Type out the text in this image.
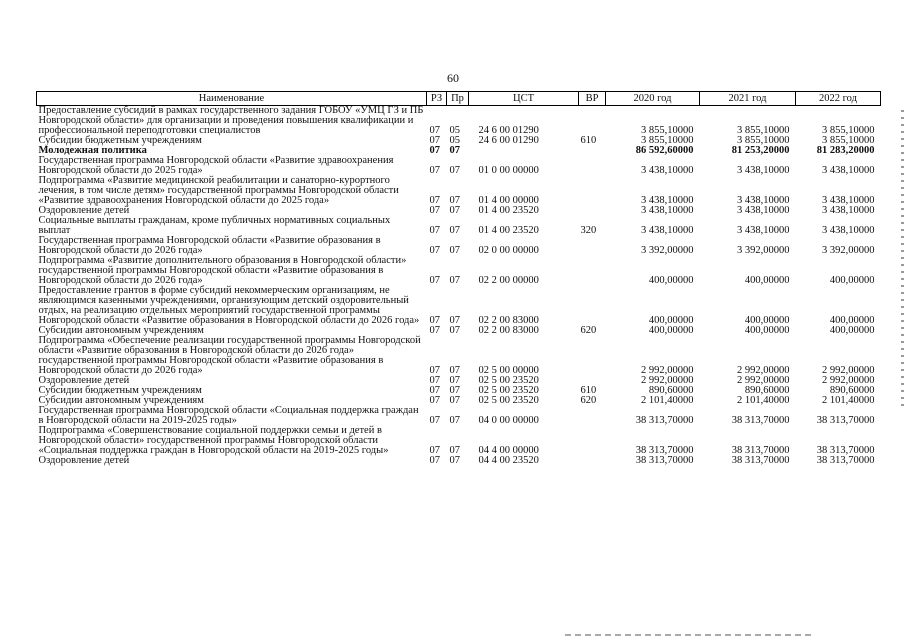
60
Наименование	РЗ	Пр	ЦСТ	ВР	2020 год	2021 год	2022 год
Предоставление субсидий в рамках государственного задания ГОБОУ «УМЦ ГЗ и ПБ Новгородской области» для организации и проведения повышения квалификации и профессиональной переподготовки специалистов	07	05	24 6 00 01290		3 855,10000	3 855,10000	3 855,10000
Субсидии бюджетным учреждениям	07	05	24 6 00 01290	610	3 855,10000	3 855,10000	3 855,10000
Молодежная политика	07	07			86 592,60000	81 253,20000	81 283,20000
Государственная программа Новгородской области «Развитие здравоохранения Новгородской области до 2025 года»	07	07	01 0 00 00000		3 438,10000	3 438,10000	3 438,10000
Подпрограмма «Развитие медицинской реабилитации и санаторно-курортного лечения, в том числе детям» государственной программы Новгородской области «Развитие здравоохранения Новгородской области до 2025 года»	07	07	01 4 00 00000		3 438,10000	3 438,10000	3 438,10000
Оздоровление детей	07	07	01 4 00 23520		3 438,10000	3 438,10000	3 438,10000
Социальные выплаты гражданам, кроме публичных нормативных социальных выплат	07	07	01 4 00 23520	320	3 438,10000	3 438,10000	3 438,10000
Государственная программа Новгородской области «Развитие образования в Новгородской области до 2026 года»	07	07	02 0 00 00000		3 392,00000	3 392,00000	3 392,00000
Подпрограмма «Развитие дополнительного образования в Новгородской области» государственной программы Новгородской области «Развитие образования в Новгородской области до 2026 года»	07	07	02 2 00 00000		400,00000	400,00000	400,00000
Предоставление грантов в форме субсидий некоммерческим организациям, не являющимся казенными учреждениями, организующим детский оздоровительный отдых, на реализацию отдельных мероприятий государственной программы Новгородской области «Развитие образования в Новгородской области до 2026 года»	07	07	02 2 00 83000		400,00000	400,00000	400,00000
Субсидии автономным учреждениям	07	07	02 2 00 83000	620	400,00000	400,00000	400,00000
Подпрограмма «Обеспечение реализации государственной программы Новгородской области «Развитие образования в Новгородской области до 2026 года» государственной программы Новгородской области «Развитие образования в Новгородской области до 2026 года»	07	07	02 5 00 00000		2 992,00000	2 992,00000	2 992,00000
Оздоровление детей	07	07	02 5 00 23520		2 992,00000	2 992,00000	2 992,00000
Субсидии бюджетным учреждениям	07	07	02 5 00 23520	610	890,60000	890,60000	890,60000
Субсидии автономным учреждениям	07	07	02 5 00 23520	620	2 101,40000	2 101,40000	2 101,40000
Государственная программа Новгородской области «Социальная поддержка граждан в Новгородской области на 2019-2025 годы»	07	07	04 0 00 00000		38 313,70000	38 313,70000	38 313,70000
Подпрограмма «Совершенствование социальной поддержки семьи и детей в Новгородской области» государственной программы Новгородской области «Социальная поддержка граждан в Новгородской области на 2019-2025 годы»	07	07	04 4 00 00000		38 313,70000	38 313,70000	38 313,70000
Оздоровление детей	07	07	04 4 00 23520		38 313,70000	38 313,70000	38 313,70000
